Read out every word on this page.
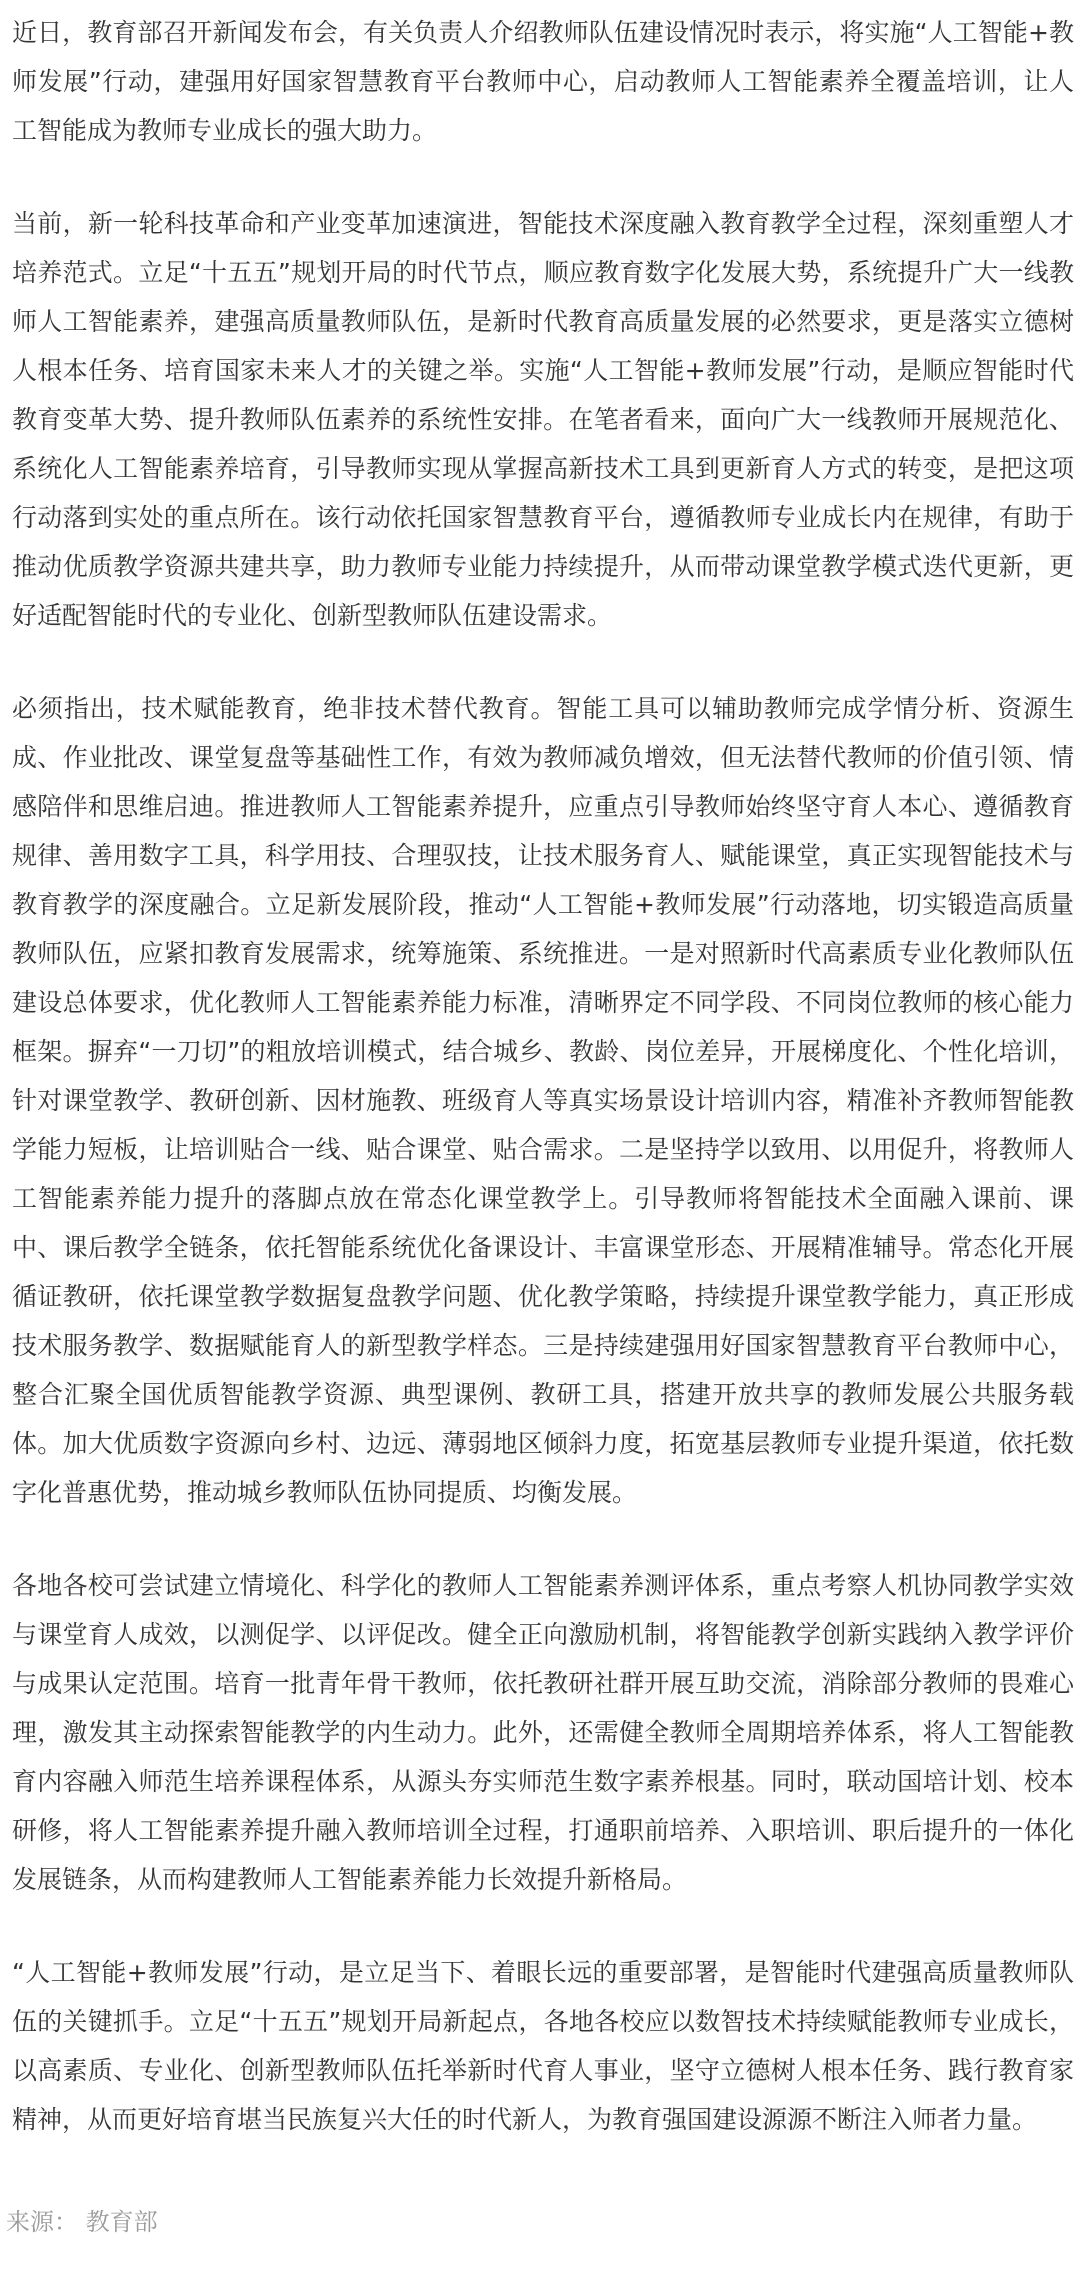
近日，教育部召开新闻发布会，有关负责人介绍教师队伍建设情况时表示，将实施“人工智能+教师发展”行动，建强用好国家智慧教育平台教师中心，启动教师人工智能素养全覆盖培训，让人工智能成为教师专业成长的强大助力。

当前，新一轮科技革命和产业变革加速演进，智能技术深度融入教育教学全过程，深刻重塑人才培养范式。立足“十五五”规划开局的时代节点，顺应教育数字化发展大势，系统提升广大一线教师人工智能素养，建强高质量教师队伍，是新时代教育高质量发展的必然要求，更是落实立德树人根本任务、培育国家未来人才的关键之举。实施“人工智能+教师发展”行动，是顺应智能时代教育变革大势、提升教师队伍素养的系统性安排。在笔者看来，面向广大一线教师开展规范化、系统化人工智能素养培育，引导教师实现从掌握高新技术工具到更新育人方式的转变，是把这项行动落到实处的重点所在。该行动依托国家智慧教育平台，遵循教师专业成长内在规律，有助于推动优质教学资源共建共享，助力教师专业能力持续提升，从而带动课堂教学模式迭代更新，更好适配智能时代的专业化、创新型教师队伍建设需求。

必须指出，技术赋能教育，绝非技术替代教育。智能工具可以辅助教师完成学情分析、资源生成、作业批改、课堂复盘等基础性工作，有效为教师减负增效，但无法替代教师的价值引领、情感陪伴和思维启迪。推进教师人工智能素养提升，应重点引导教师始终坚守育人本心、遵循教育规律、善用数字工具，科学用技、合理驭技，让技术服务育人、赋能课堂，真正实现智能技术与教育教学的深度融合。立足新发展阶段，推动“人工智能+教师发展”行动落地，切实锻造高质量教师队伍，应紧扣教育发展需求，统筹施策、系统推进。一是对照新时代高素质专业化教师队伍建设总体要求，优化教师人工智能素养能力标准，清晰界定不同学段、不同岗位教师的核心能力框架。摒弃“一刀切”的粗放培训模式，结合城乡、教龄、岗位差异，开展梯度化、个性化培训，针对课堂教学、教研创新、因材施教、班级育人等真实场景设计培训内容，精准补齐教师智能教学能力短板，让培训贴合一线、贴合课堂、贴合需求。二是坚持学以致用、以用促升，将教师人工智能素养能力提升的落脚点放在常态化课堂教学上。引导教师将智能技术全面融入课前、课中、课后教学全链条，依托智能系统优化备课设计、丰富课堂形态、开展精准辅导。常态化开展循证教研，依托课堂教学数据复盘教学问题、优化教学策略，持续提升课堂教学能力，真正形成技术服务教学、数据赋能育人的新型教学样态。三是持续建强用好国家智慧教育平台教师中心，整合汇聚全国优质智能教学资源、典型课例、教研工具，搭建开放共享的教师发展公共服务载体。加大优质数字资源向乡村、边远、薄弱地区倾斜力度，拓宽基层教师专业提升渠道，依托数字化普惠优势，推动城乡教师队伍协同提质、均衡发展。

各地各校可尝试建立情境化、科学化的教师人工智能素养测评体系，重点考察人机协同教学实效与课堂育人成效，以测促学、以评促改。健全正向激励机制，将智能教学创新实践纳入教学评价与成果认定范围。培育一批青年骨干教师，依托教研社群开展互助交流，消除部分教师的畏难心理，激发其主动探索智能教学的内生动力。此外，还需健全教师全周期培养体系，将人工智能教育内容融入师范生培养课程体系，从源头夯实师范生数字素养根基。同时，联动国培计划、校本研修，将人工智能素养提升融入教师培训全过程，打通职前培养、入职培训、职后提升的一体化发展链条，从而构建教师人工智能素养能力长效提升新格局。

“人工智能+教师发展”行动，是立足当下、着眼长远的重要部署，是智能时代建强高质量教师队伍的关键抓手。立足“十五五”规划开局新起点，各地各校应以数智技术持续赋能教师专业成长，以高素质、专业化、创新型教师队伍托举新时代育人事业，坚守立德树人根本任务、践行教育家精神，从而更好培育堪当民族复兴大任的时代新人，为教育强国建设源源不断注入师者力量。

来源： 教育部
